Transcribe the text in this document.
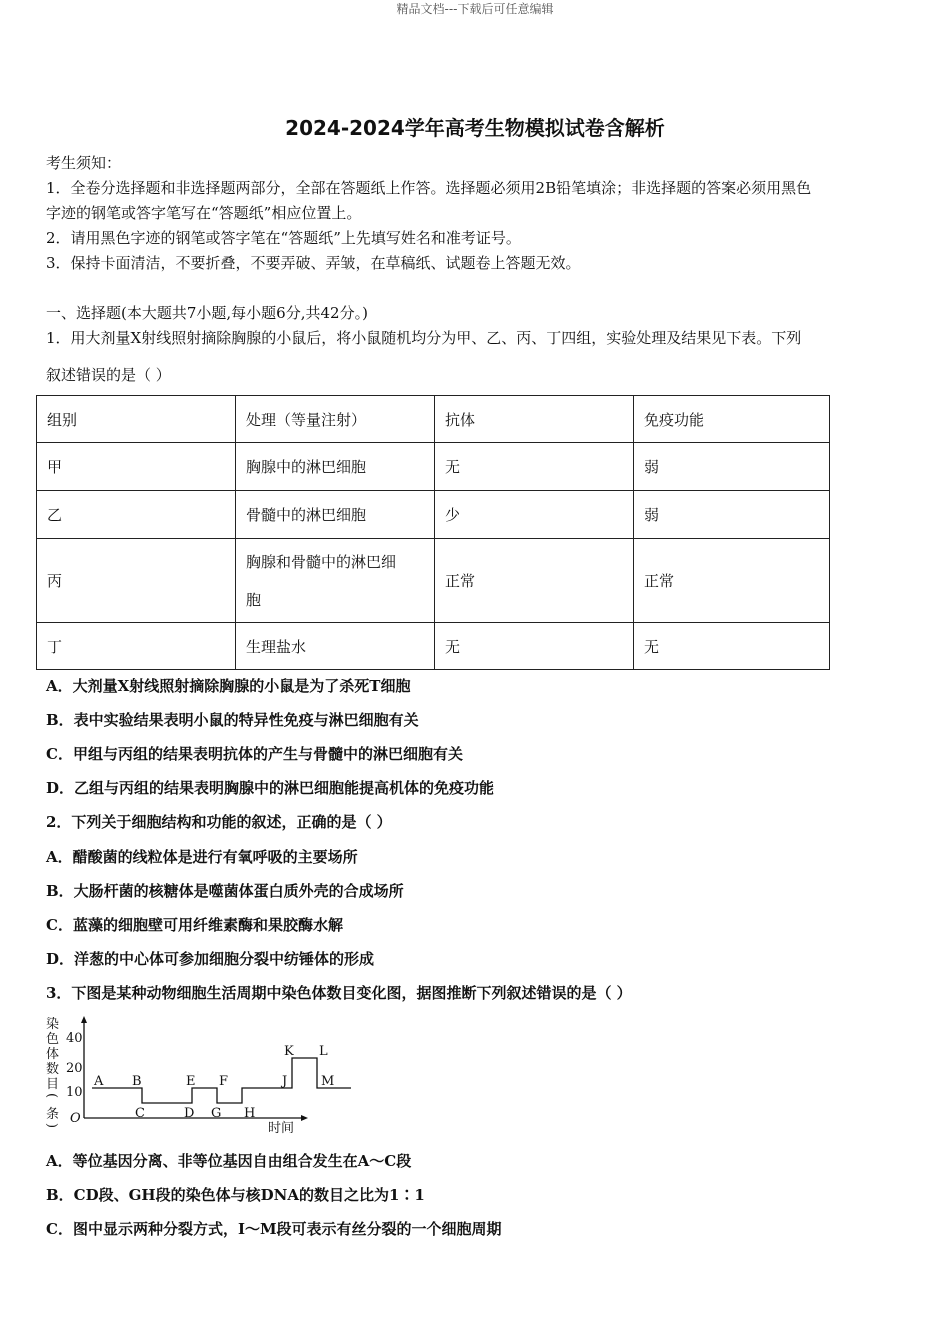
精品文档---下载后可任意编辑
2024-2024学年高考生物模拟试卷含解析
考生须知：
1．全卷分选择题和非选择题两部分，全部在答题纸上作答。选择题必须用2B铅笔填涂；非选择题的答案必须用黑色
字迹的钢笔或答字笔写在“答题纸”相应位置上。
2．请用黑色字迹的钢笔或答字笔在“答题纸”上先填写姓名和准考证号。
3．保持卡面清洁，不要折叠，不要弄破、弄皱，在草稿纸、试题卷上答题无效。
一、选择题(本大题共7小题,每小题6分,共42分。)
1．用大剂量X射线照射摘除胸腺的小鼠后，将小鼠随机均分为甲、乙、丙、丁四组，实验处理及结果见下表。下列
叙述错误的是（ ）
组别	处理（等量注射）	抗体	免疫功能
甲	胸腺中的淋巴细胞	无	弱
乙	骨髓中的淋巴细胞	少	弱
丙	胸腺和骨髓中的淋巴细
胞	正常	正常
丁	生理盐水	无	无
A．大剂量X射线照射摘除胸腺的小鼠是为了杀死T细胞
B．表中实验结果表明小鼠的特异性免疫与淋巴细胞有关
C．甲组与丙组的结果表明抗体的产生与骨髓中的淋巴细胞有关
D．乙组与丙组的结果表明胸腺中的淋巴细胞能提高机体的免疫功能
2．下列关于细胞结构和功能的叙述，正确的是（ ）
A．醋酸菌的线粒体是进行有氧呼吸的主要场所
B．大肠杆菌的核糖体是噬菌体蛋白质外壳的合成场所
C．蓝藻的细胞壁可用纤维素酶和果胶酶水解
D．洋葱的中心体可参加细胞分裂中纺锤体的形成
3．下图是某种动物细胞生活周期中染色体数目变化图，据图推断下列叙述错误的是（ ）
染
色
体
数
目
(
条
) O
40
20
10
A B
C	D
E F
G H
J
K L
M
时间
A．等位基因分离、非等位基因自由组合发生在A～C段
B．CD段、GH段的染色体与核DNA的数目之比为1∶1
C．图中显示两种分裂方式，Ⅰ～M段可表示有丝分裂的一个细胞周期
